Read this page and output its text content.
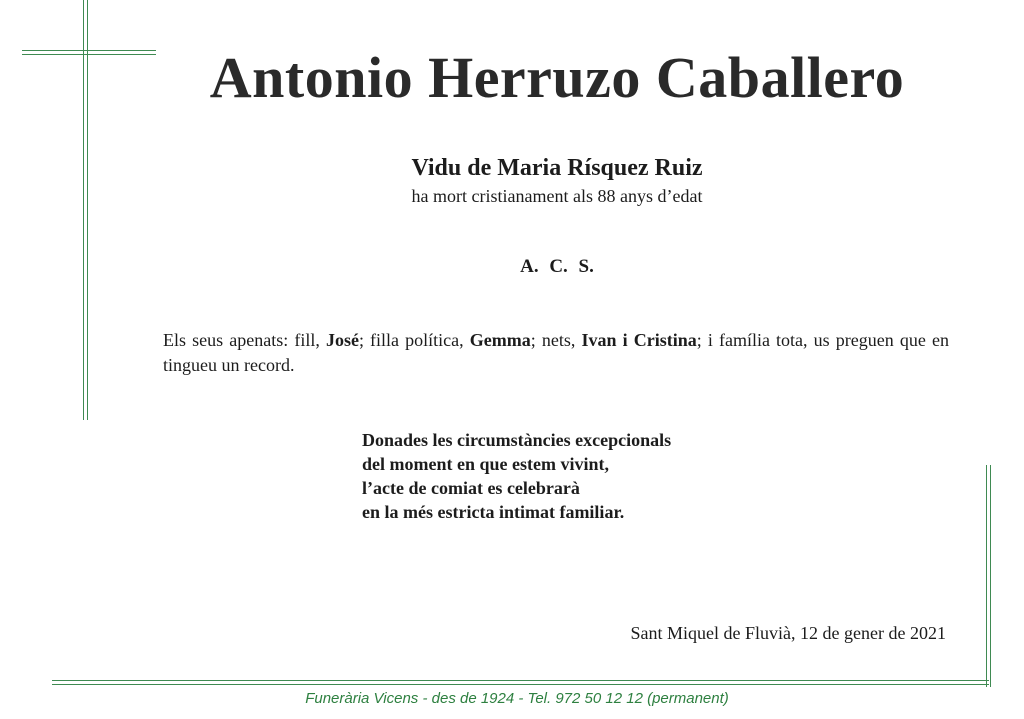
Antonio Herruzo Caballero
Vidu de Maria Rísquez Ruiz
ha mort cristianament als 88 anys d’edat
A. C. S.
Els seus apenats: fill, José; filla política, Gemma; nets, Ivan i Cristina; i família tota, us preguen que en tingueu un record.
Donades les circumstàncies excepcionals
del moment en que estem vivint,
l’acte de comiat es celebrarà
en la més estricta intimat familiar.
Sant Miquel de Fluvià, 12 de gener de 2021
Funerària Vicens - des de 1924 - Tel. 972 50 12 12 (permanent)
